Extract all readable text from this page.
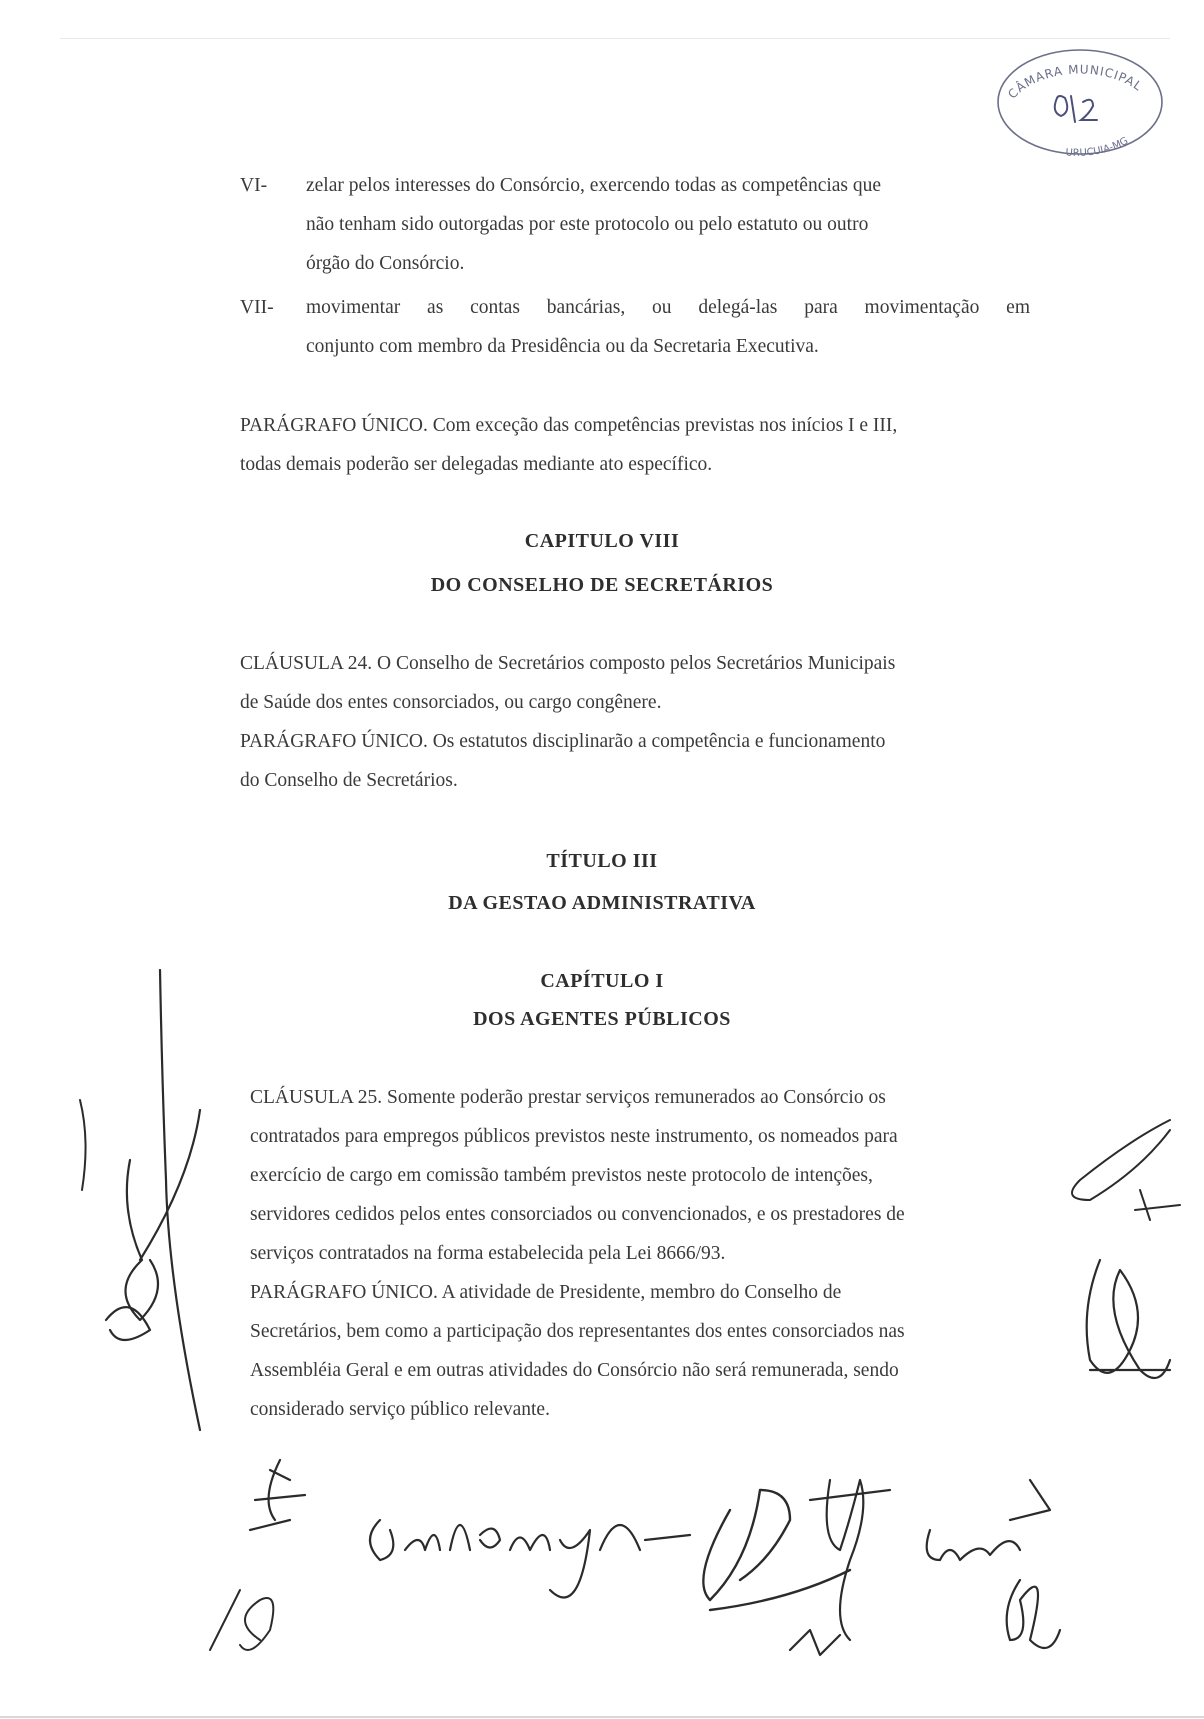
CÂMARA MUNICIPAL
URUCUIA-MG
VI- zelar pelos interesses do Consórcio, exercendo todas as competências que

não tenham sido outorgadas por este protocolo ou pelo estatuto ou outro

órgão do Consórcio.

VII- movimentar as contas bancárias, ou delegá-las para movimentação em

conjunto com membro da Presidência ou da Secretaria Executiva.

PARÁGRAFO ÚNICO. Com exceção das competências previstas nos inícios I e III,

todas demais poderão ser delegadas mediante ato específico.

CAPITULO VIII
DO CONSELHO DE SECRETÁRIOS

CLÁUSULA 24. O Conselho de Secretários composto pelos Secretários Municipais

de Saúde dos entes consorciados, ou cargo congênere.

PARÁGRAFO ÚNICO. Os estatutos disciplinarão a competência e funcionamento

do Conselho de Secretários.

TÍTULO III
DA GESTAO ADMINISTRATIVA
CAPÍTULO I
DOS AGENTES PÚBLICOS

CLÁUSULA 25. Somente poderão prestar serviços remunerados ao Consórcio os

contratados para empregos públicos previstos neste instrumento, os nomeados para

exercício de cargo em comissão também previstos neste protocolo de intenções,

servidores cedidos pelos entes consorciados ou convencionados, e os prestadores de

serviços contratados na forma estabelecida pela Lei 8666/93.

PARÁGRAFO ÚNICO. A atividade de Presidente, membro do Conselho de

Secretários, bem como a participação dos representantes dos entes consorciados nas

Assembléia Geral e em outras atividades do Consórcio não será remunerada, sendo

considerado serviço público relevante.
